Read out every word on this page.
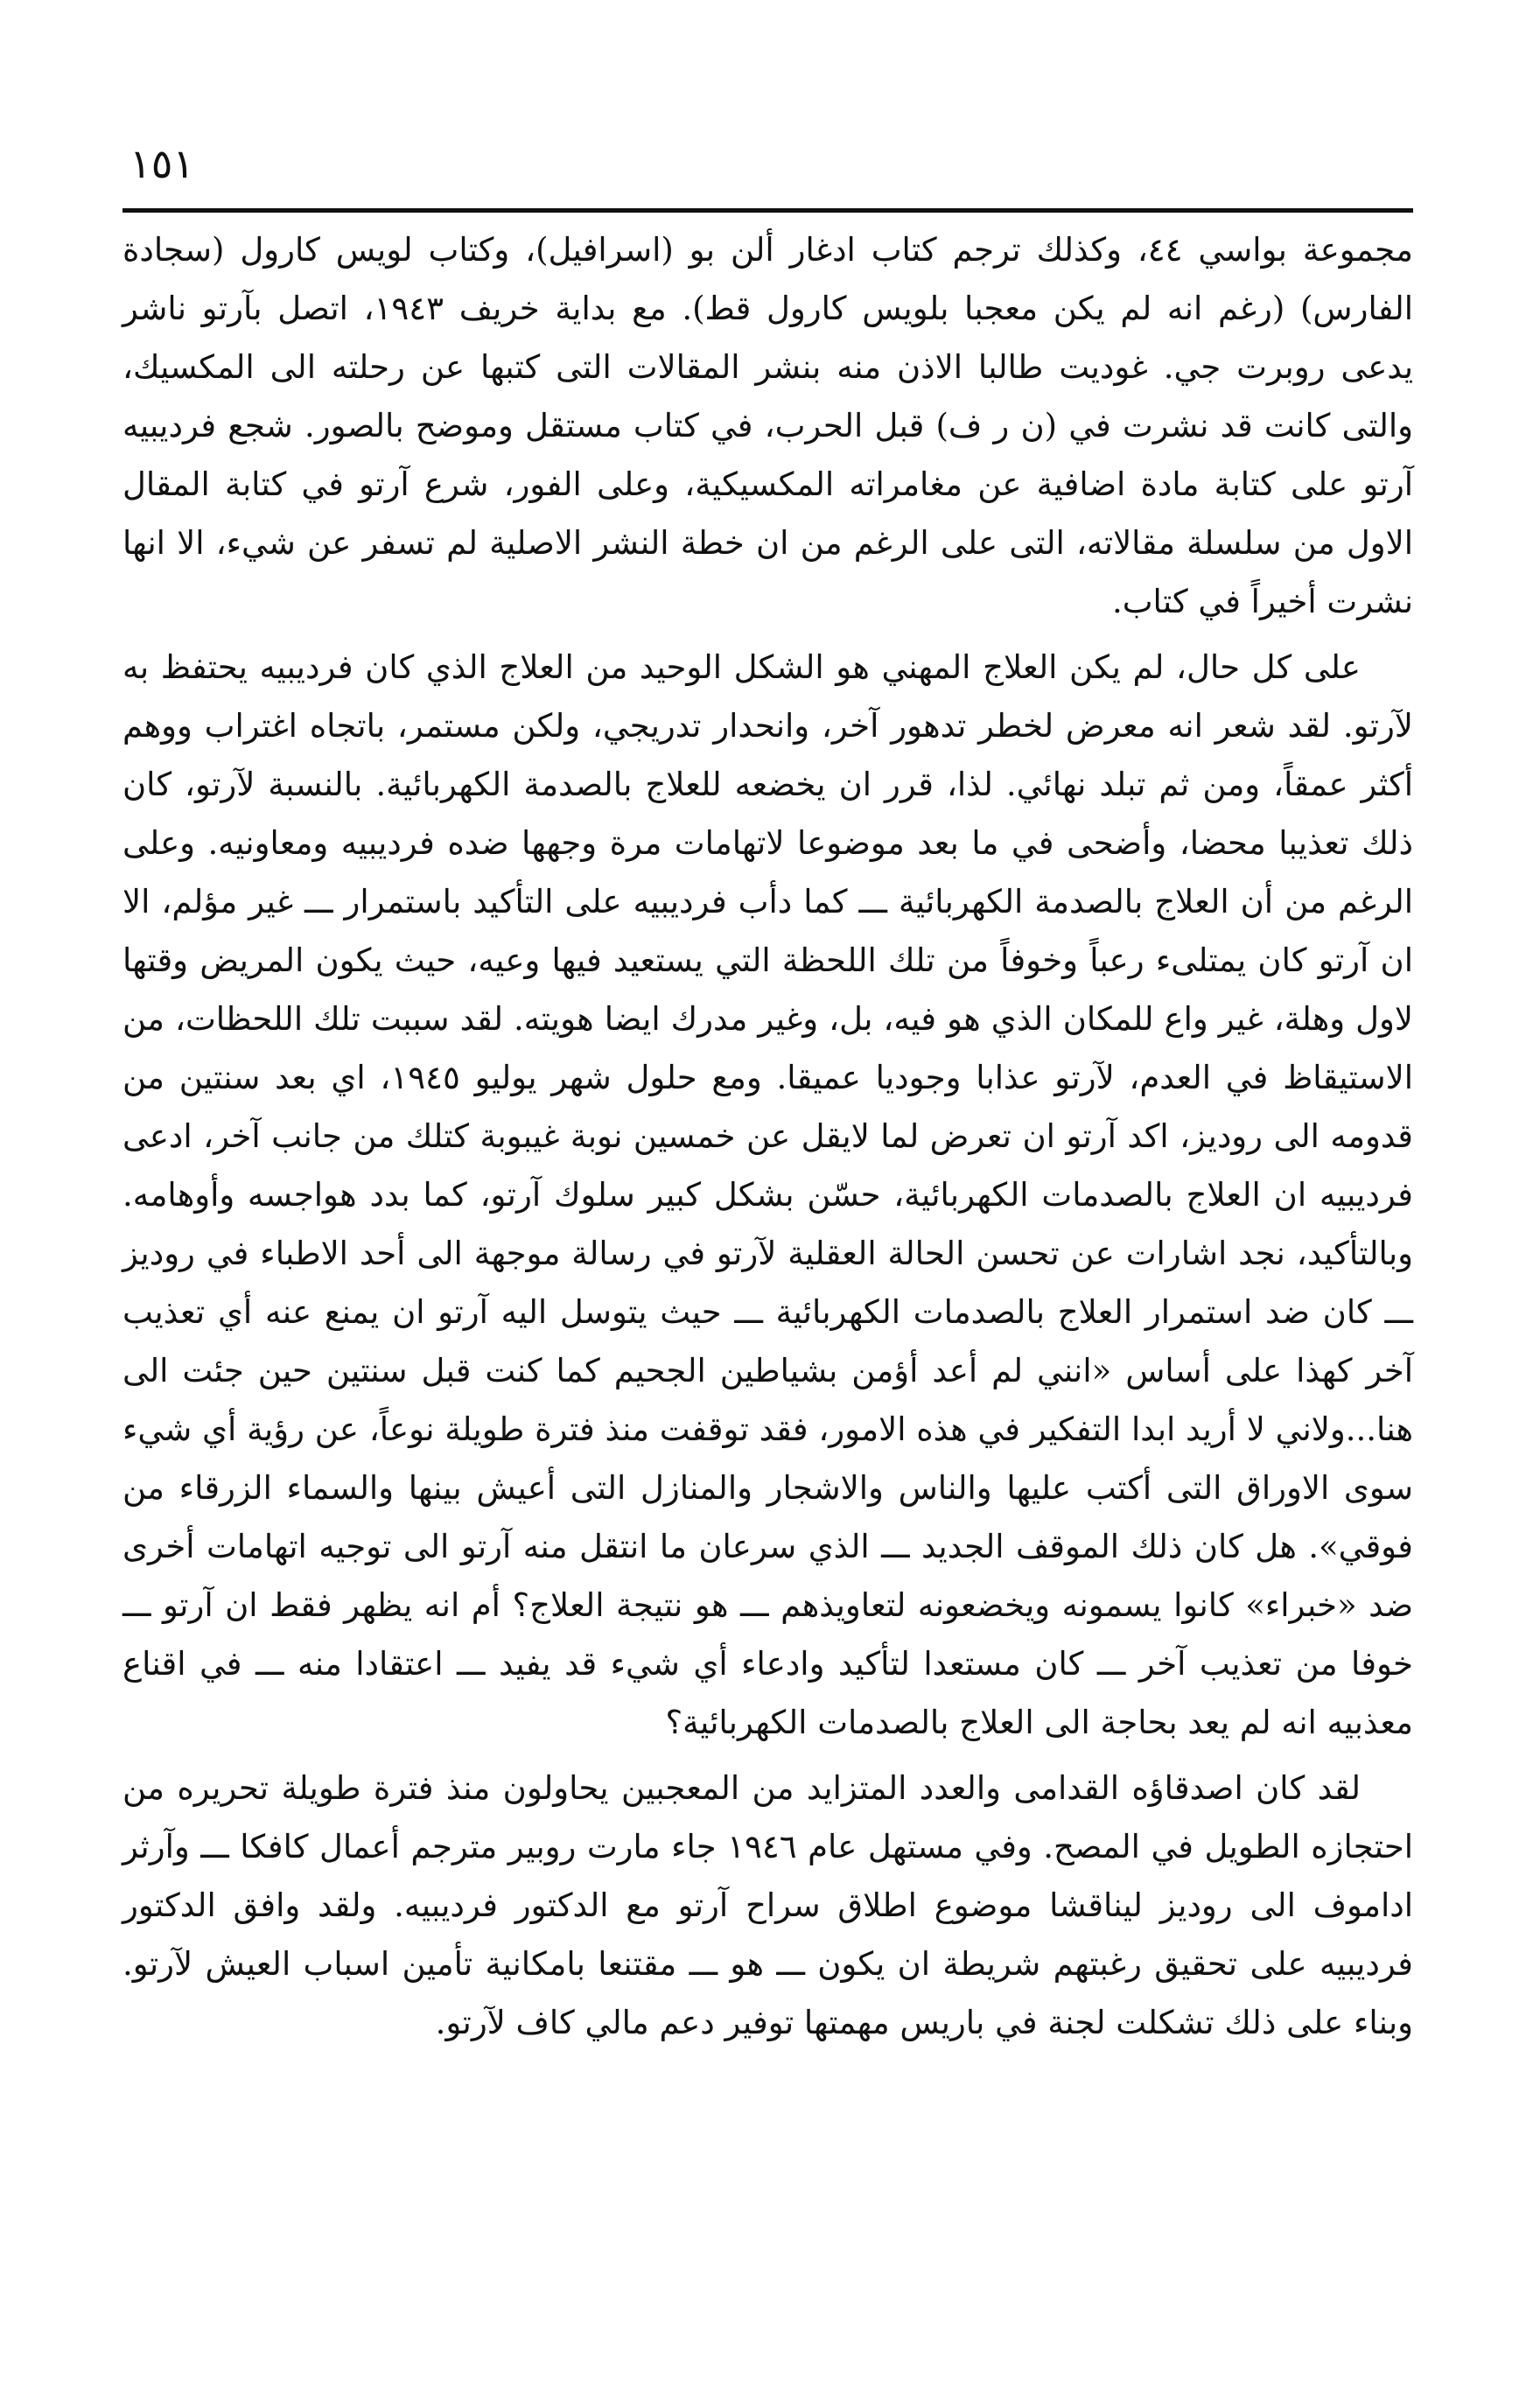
١٥١

مجموعة بواسي ٤٤، وكذلك ترجم كتاب ادغار ألن بو (اسرافيل)، وكتاب لويس كارول (سجادة الفارس) (رغم انه لم يكن معجبا بلويس كارول قط). مع بداية خريف ١٩٤٣، اتصل بآرتو ناشر يدعى روبرت جي. غوديت طالبا الاذن منه بنشر المقالات التى كتبها عن رحلته الى المكسيك، والتى كانت قد نشرت في (ن ر ف) قبل الحرب، في كتاب مستقل وموضح بالصور. شجع فرديبيه آرتو على كتابة مادة اضافية عن مغامراته المكسيكية، وعلى الفور، شرع آرتو في كتابة المقال الاول من سلسلة مقالاته، التى على الرغم من ان خطة النشر الاصلية لم تسفر عن شيء، الا انها نشرت أخيراً في كتاب.

على كل حال، لم يكن العلاج المهني هو الشكل الوحيد من العلاج الذي كان فرديبيه يحتفظ به لآرتو. لقد شعر انه معرض لخطر تدهور آخر، وانحدار تدريجي، ولكن مستمر، باتجاه اغتراب ووهم أكثر عمقاً، ومن ثم تبلد نهائي. لذا، قرر ان يخضعه للعلاج بالصدمة الكهربائية. بالنسبة لآرتو، كان ذلك تعذيبا محضا، وأضحى في ما بعد موضوعا لاتهامات مرة وجهها ضده فرديبيه ومعاونيه. وعلى الرغم من أن العلاج بالصدمة الكهربائية ـــ كما دأب فرديبيه على التأكيد باستمرار ـــ غير مؤلم، الا ان آرتو كان يمتلىء رعباً وخوفاً من تلك اللحظة التي يستعيد فيها وعيه، حيث يكون المريض وقتها لاول وهلة، غير واع للمكان الذي هو فيه، بل، وغير مدرك ايضا هويته. لقد سببت تلك اللحظات، من الاستيقاظ في العدم، لآرتو عذابا وجوديا عميقا. ومع حلول شهر يوليو ١٩٤٥، اي بعد سنتين من قدومه الى روديز، اكد آرتو ان تعرض لما لايقل عن خمسين نوبة غيبوبة كتلك من جانب آخر، ادعى فرديبيه ان العلاج بالصدمات الكهربائية، حسّن بشكل كبير سلوك آرتو، كما بدد هواجسه وأوهامه. وبالتأكيد، نجد اشارات عن تحسن الحالة العقلية لآرتو في رسالة موجهة الى أحد الاطباء في روديز ـــ كان ضد استمرار العلاج بالصدمات الكهربائية ـــ حيث يتوسل اليه آرتو ان يمنع عنه أي تعذيب آخر كهذا على أساس «انني لم أعد أؤمن بشياطين الجحيم كما كنت قبل سنتين حين جئت الى هنا...ولاني لا أريد ابدا التفكير في هذه الامور، فقد توقفت منذ فترة طويلة نوعاً، عن رؤية أي شيء سوى الاوراق التى أكتب عليها والناس والاشجار والمنازل التى أعيش بينها والسماء الزرقاء من فوقي». هل كان ذلك الموقف الجديد ـــ الذي سرعان ما انتقل منه آرتو الى توجيه اتهامات أخرى ضد «خبراء» كانوا يسمونه ويخضعونه لتعاويذهم ـــ هو نتيجة العلاج؟ أم انه يظهر فقط ان آرتو ـــ خوفا من تعذيب آخر ـــ كان مستعدا لتأكيد وادعاء أي شيء قد يفيد ـــ اعتقادا منه ـــ في اقناع معذبيه انه لم يعد بحاجة الى العلاج بالصدمات الكهربائية؟

لقد كان اصدقاؤه القدامى والعدد المتزايد من المعجبين يحاولون منذ فترة طويلة تحريره من احتجازه الطويل في المصح. وفي مستهل عام ١٩٤٦ جاء مارت روبير مترجم أعمال كافكا ـــ وآرثر اداموف الى روديز ليناقشا موضوع اطلاق سراح آرتو مع الدكتور فرديبيه. ولقد وافق الدكتور فرديبيه على تحقيق رغبتهم شريطة ان يكون ـــ هو ـــ مقتنعا بامكانية تأمين اسباب العيش لآرتو. وبناء على ذلك تشكلت لجنة في باريس مهمتها توفير دعم مالي كاف لآرتو.
